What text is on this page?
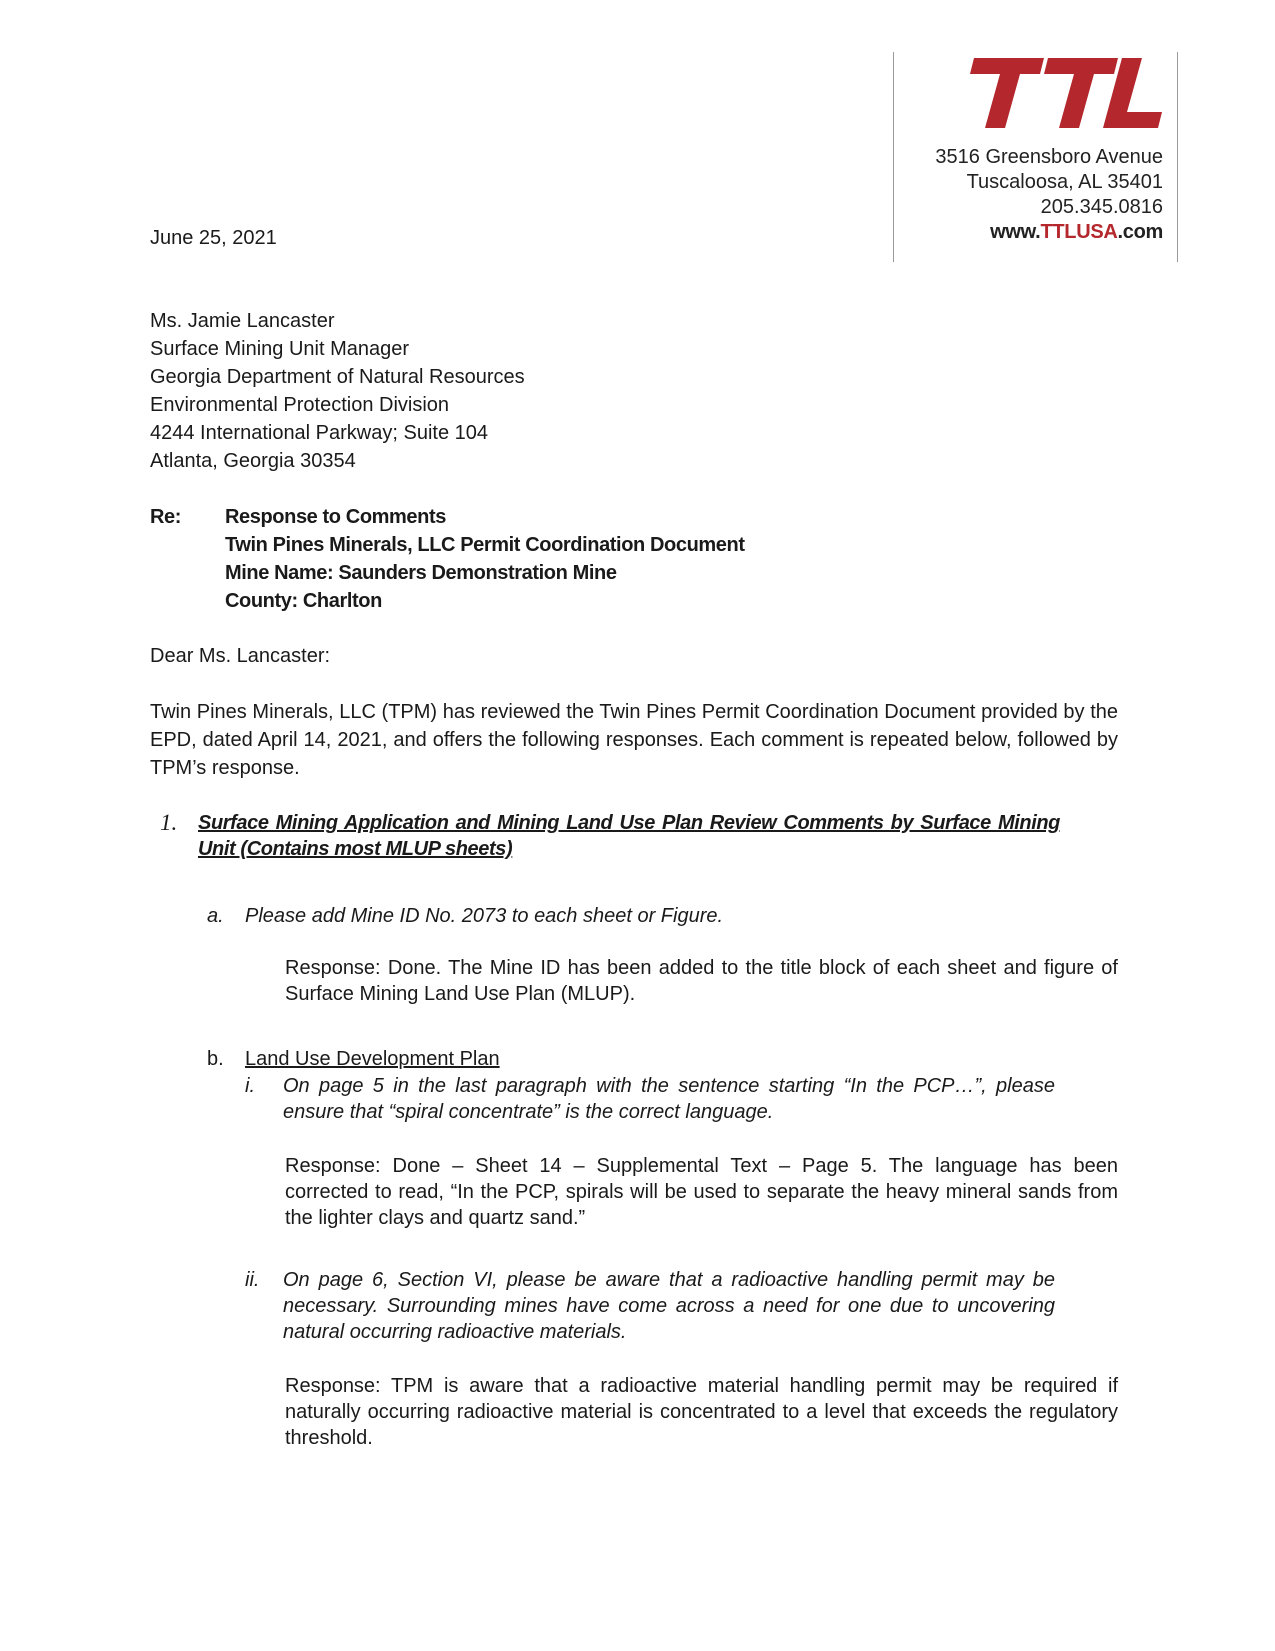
3516 Greensboro Avenue
Tuscaloosa, AL 35401
205.345.0816
www.TTLUSA.com
June 25, 2021
Ms. Jamie Lancaster
Surface Mining Unit Manager
Georgia Department of Natural Resources
Environmental Protection Division
4244 International Parkway; Suite 104
Atlanta, Georgia 30354
Re: Response to Comments
Twin Pines Minerals, LLC Permit Coordination Document
Mine Name: Saunders Demonstration Mine
County: Charlton
Dear Ms. Lancaster:
Twin Pines Minerals, LLC (TPM) has reviewed the Twin Pines Permit Coordination Document provided by the EPD, dated April 14, 2021, and offers the following responses. Each comment is repeated below, followed by TPM’s response.
1. Surface Mining Application and Mining Land Use Plan Review Comments by Surface Mining Unit (Contains most MLUP sheets)
a. Please add Mine ID No. 2073 to each sheet or Figure.
Response: Done. The Mine ID has been added to the title block of each sheet and figure of Surface Mining Land Use Plan (MLUP).
b. Land Use Development Plan
i. On page 5 in the last paragraph with the sentence starting “In the PCP…”, please ensure that “spiral concentrate” is the correct language.
Response: Done – Sheet 14 – Supplemental Text – Page 5. The language has been corrected to read, “In the PCP, spirals will be used to separate the heavy mineral sands from the lighter clays and quartz sand.”
ii. On page 6, Section VI, please be aware that a radioactive handling permit may be necessary. Surrounding mines have come across a need for one due to uncovering natural occurring radioactive materials.
Response: TPM is aware that a radioactive material handling permit may be required if naturally occurring radioactive material is concentrated to a level that exceeds the regulatory threshold.
